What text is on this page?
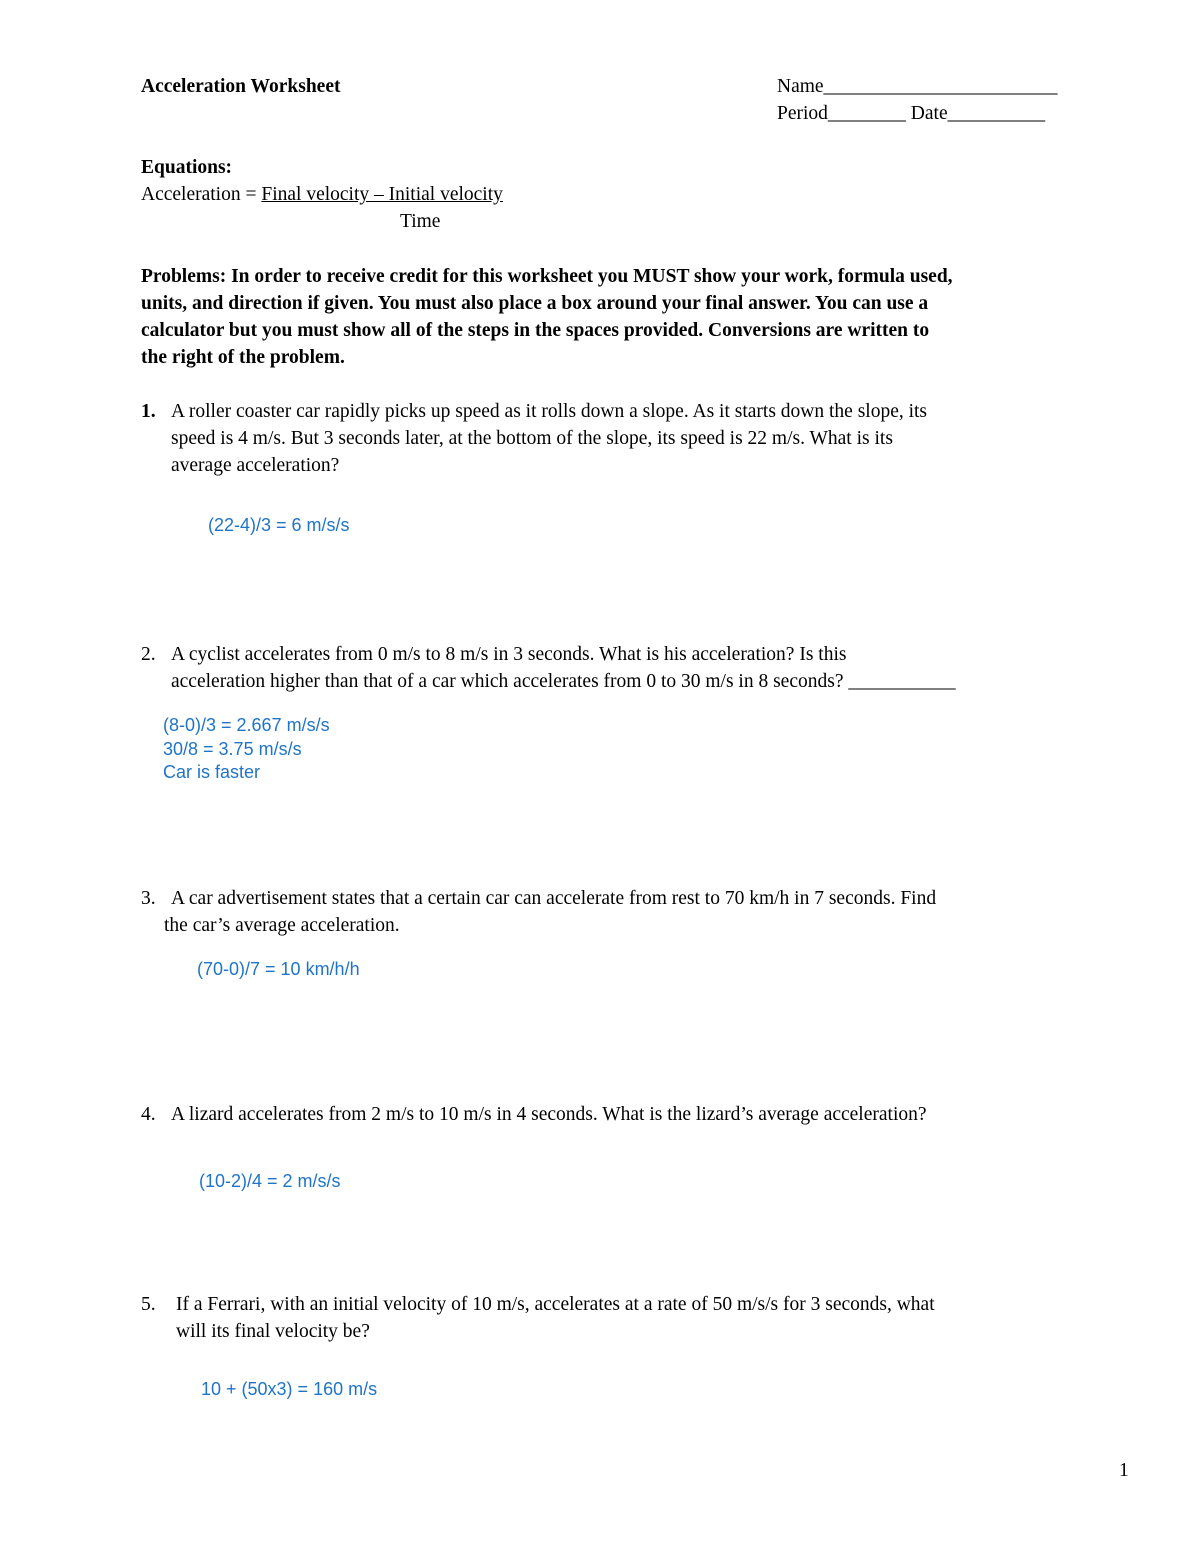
Acceleration Worksheet	Name________________________
Period________ Date__________
Equations:
Acceleration = Final velocity – Initial velocity
Time
Problems: In order to receive credit for this worksheet you MUST show your work, formula used,
units, and direction if given. You must also place a box around your final answer. You can use a
calculator but you must show all of the steps in the spaces provided. Conversions are written to
the right of the problem.
1. A roller coaster car rapidly picks up speed as it rolls down a slope. As it starts down the slope, its
speed is 4 m/s. But 3 seconds later, at the bottom of the slope, its speed is 22 m/s. What is its
average acceleration?
(22-4)/3 = 6 m/s/s
2. A cyclist accelerates from 0 m/s to 8 m/s in 3 seconds. What is his acceleration? Is this
acceleration higher than that of a car which accelerates from 0 to 30 m/s in 8 seconds? ___________
(8-0)/3 = 2.667 m/s/s
30/8 = 3.75 m/s/s
Car is faster
3. A car advertisement states that a certain car can accelerate from rest to 70 km/h in 7 seconds. Find
the car’s average acceleration.
(70-0)/7 = 10 km/h/h
4. A lizard accelerates from 2 m/s to 10 m/s in 4 seconds. What is the lizard’s average acceleration?
(10-2)/4 = 2 m/s/s
5. If a Ferrari, with an initial velocity of 10 m/s, accelerates at a rate of 50 m/s/s for 3 seconds, what
will its final velocity be?
10 + (50x3) = 160 m/s
1
